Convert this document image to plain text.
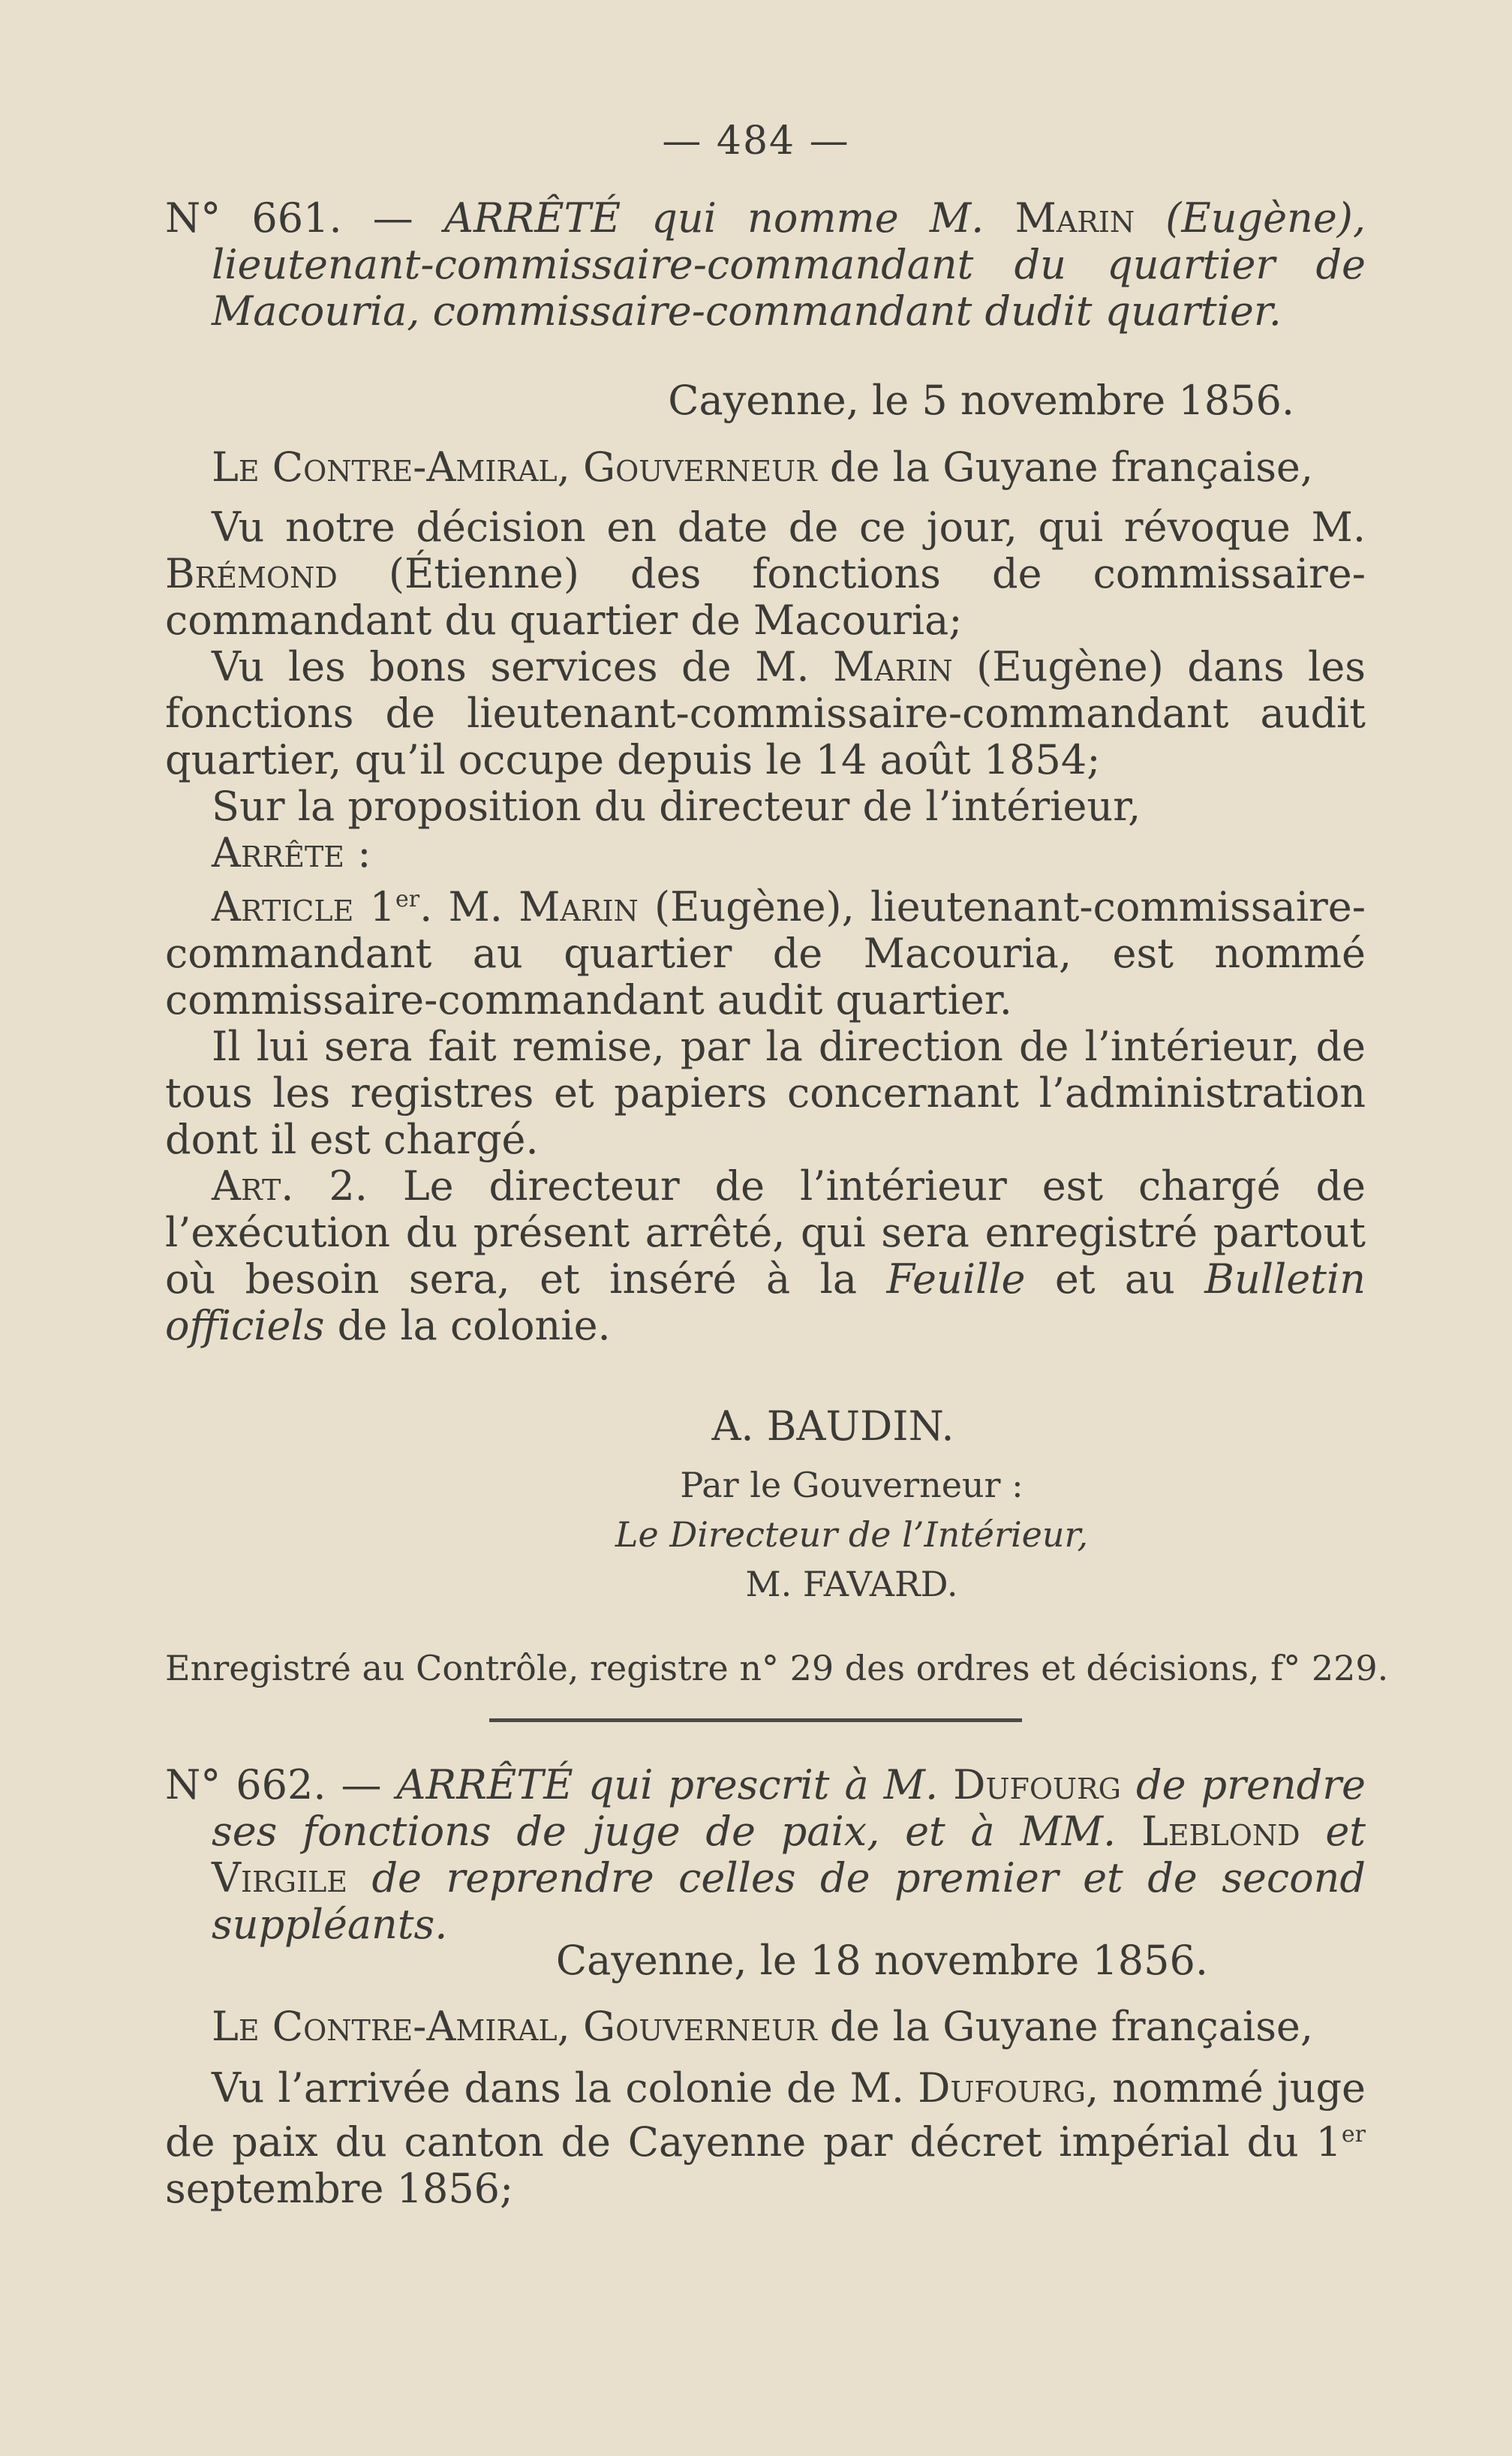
— 484 —

N° 661. — ARRÊTÉ qui nomme M. Marin (Eugène), lieutenant-commissaire-commandant du quartier de Macouria, commissaire-commandant dudit quartier.

Cayenne, le 5 novembre 1856.

Le Contre-Amiral, Gouverneur de la Guyane française,

Vu notre décision en date de ce jour, qui révoque M. Brémond (Étienne) des fonctions de commissaire-commandant du quartier de Macouria;

Vu les bons services de M. Marin (Eugène) dans les fonctions de lieutenant-commissaire-commandant audit quartier, qu’il occupe depuis le 14 août 1854;

Sur la proposition du directeur de l’intérieur,

Arrête :

Article 1er. M. Marin (Eugène), lieutenant-commissaire-commandant au quartier de Macouria, est nommé commissaire-commandant audit quartier.

Il lui sera fait remise, par la direction de l’intérieur, de tous les registres et papiers concernant l’administration dont il est chargé.

Art. 2. Le directeur de l’intérieur est chargé de l’exécution du présent arrêté, qui sera enregistré partout où besoin sera, et inséré à la Feuille et au Bulletin officiels de la colonie.

A. BAUDIN.

Par le Gouverneur :

Le Directeur de l’Intérieur,

M. FAVARD.

Enregistré au Contrôle, registre n° 29 des ordres et décisions, f° 229.

N° 662. — ARRÊTÉ qui prescrit à M. Dufourg de prendre ses fonctions de juge de paix, et à MM. Leblond et Virgile de reprendre celles de premier et de second suppléants.

Cayenne, le 18 novembre 1856.

Le Contre-Amiral, Gouverneur de la Guyane française,

Vu l’arrivée dans la colonie de M. Dufourg, nommé juge de paix du canton de Cayenne par décret impérial du 1er septembre 1856;
